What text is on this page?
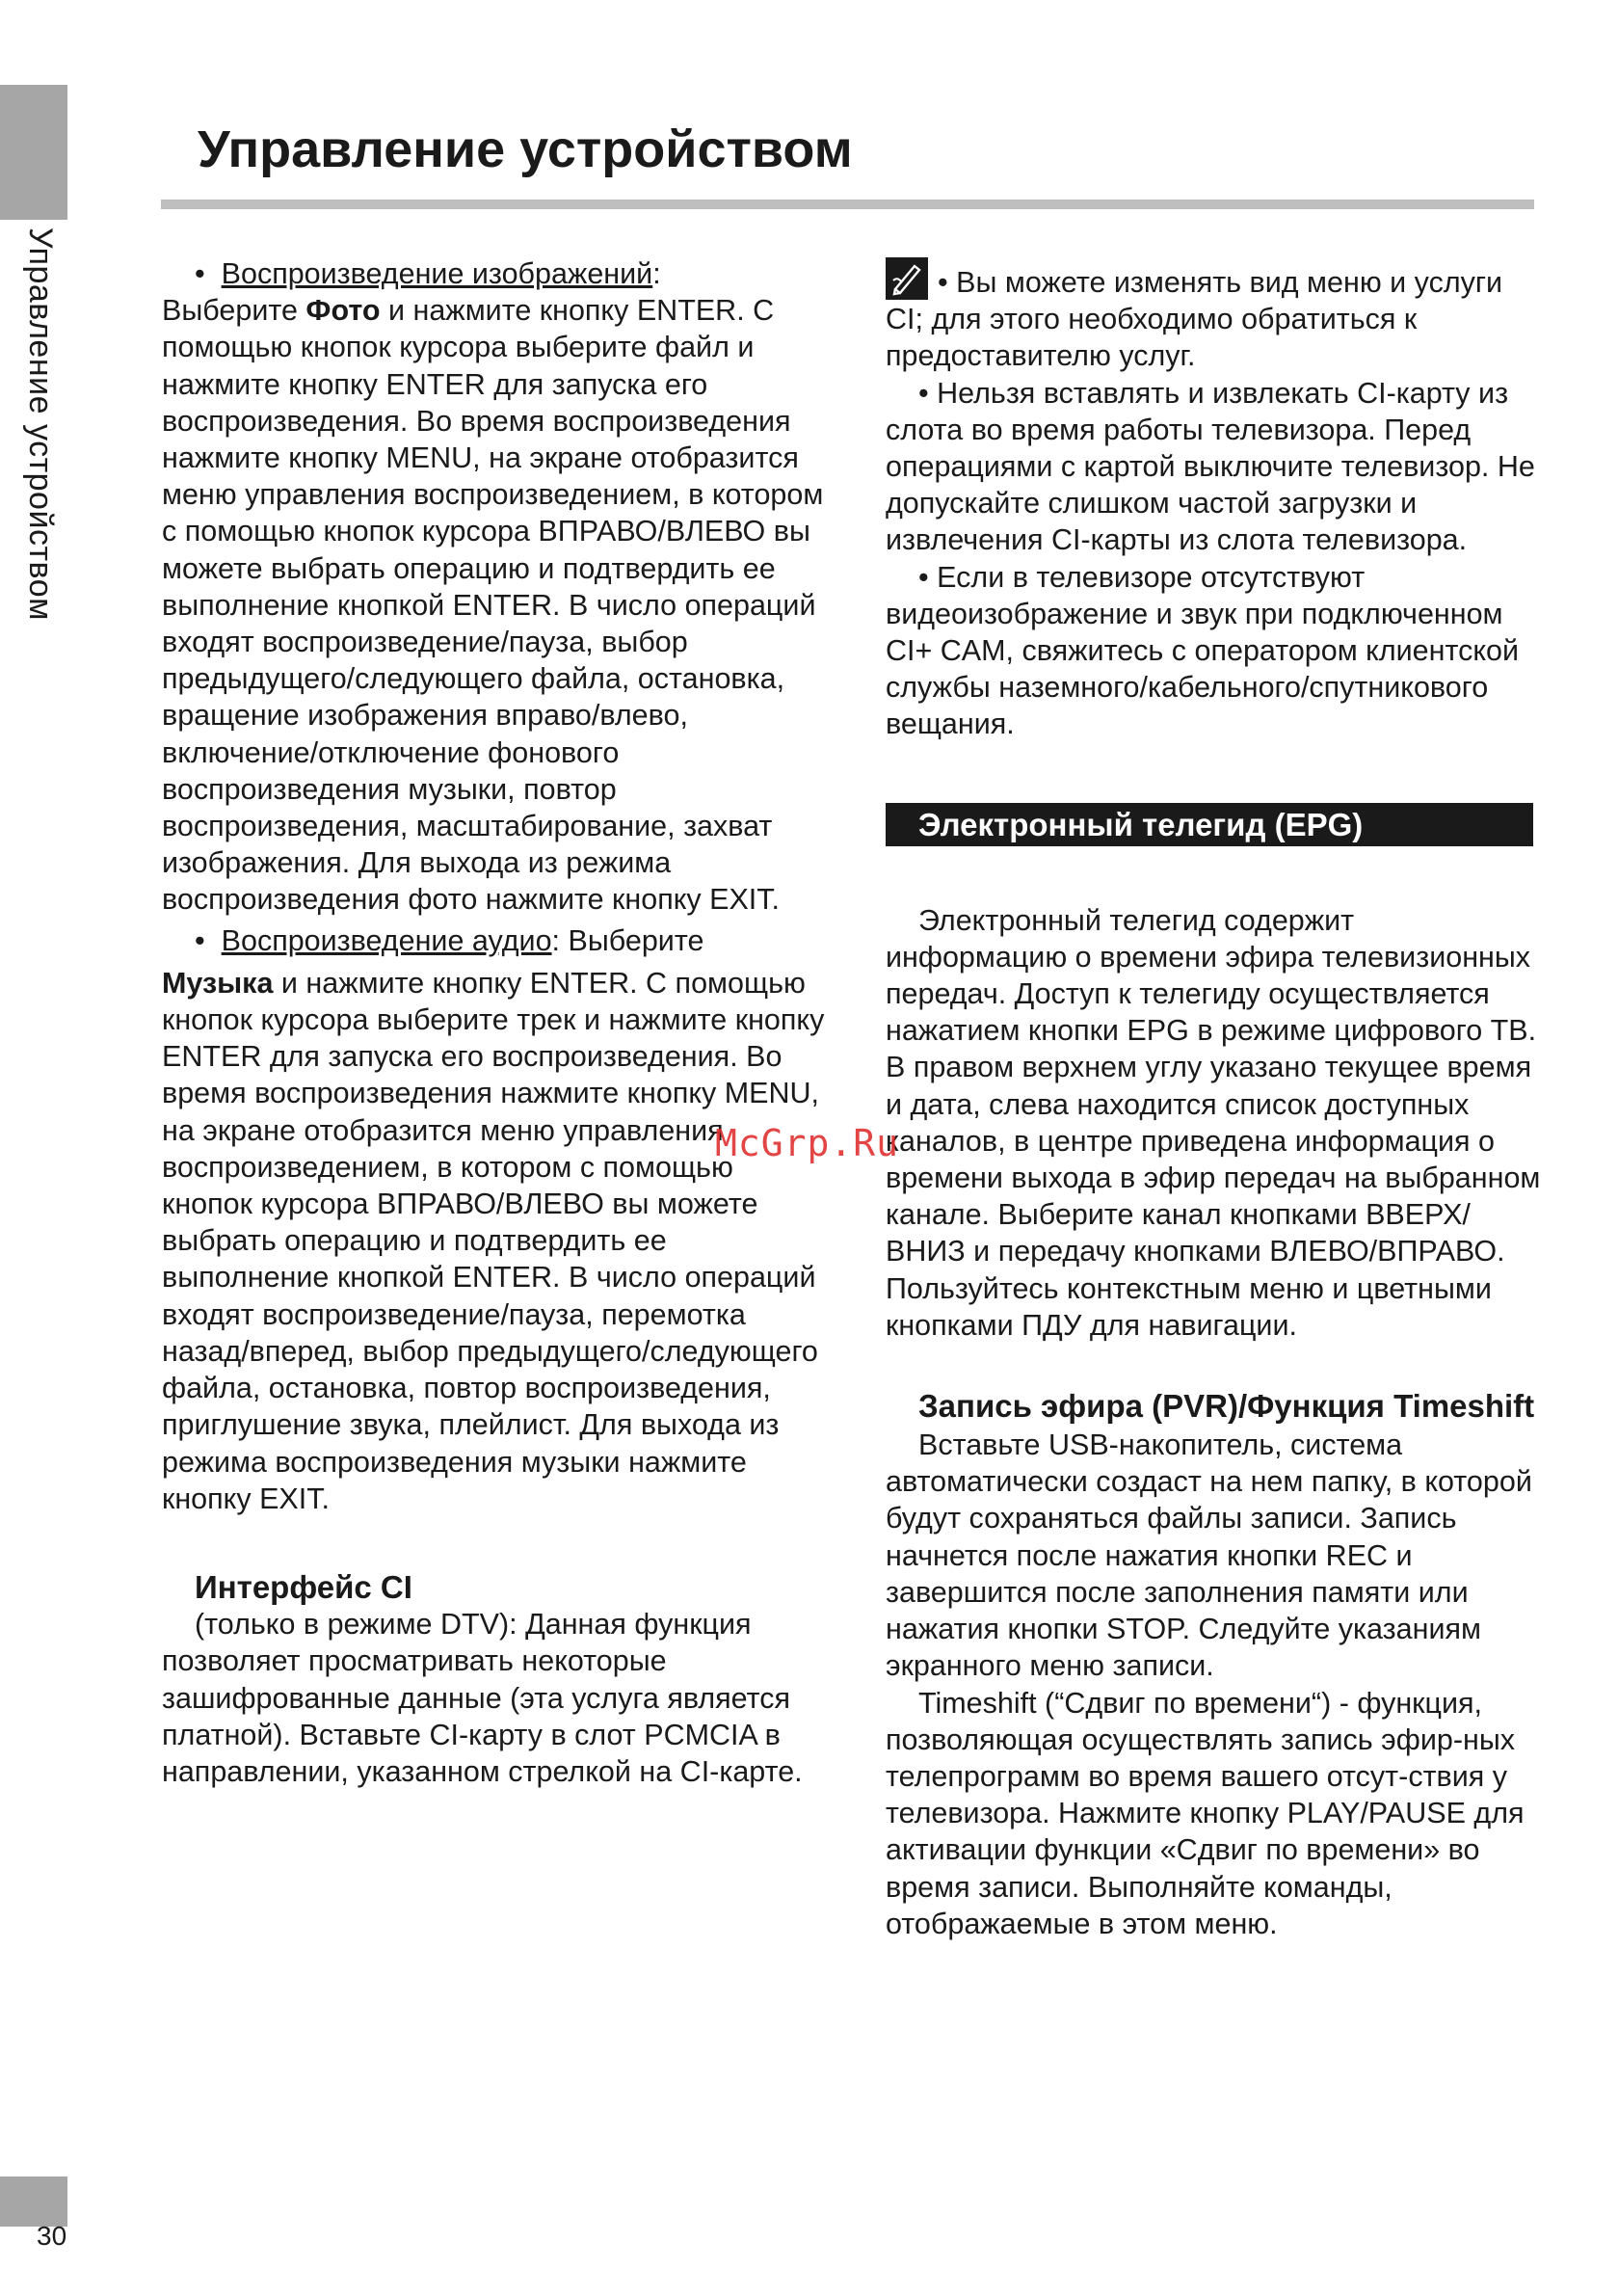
Управление устройством
Управление устройством

• Воспроизведение изображений:

Выберите Фото и нажмите кнопку ENTER. С помощью кнопок курсора выберите файл и нажмите кнопку ENTER для запуска его воспроизведения. Во время воспроизведения нажмите кнопку MENU, на экране отобразится меню управления воспроизведением, в котором с помощью кнопок курсора ВПРАВО/ВЛЕВО вы можете выбрать операцию и подтвердить ее выполнение кнопкой ENTER. В число операций входят воспроизведение/пауза, выбор предыдущего/следующего файла, остановка, вращение изображения вправо/влево, включение/отключение фонового воспроизведения музыки, повтор воспроизведения, масштабирование, захват изображения. Для выхода из режима воспроизведения фото нажмите кнопку EXIT.

• Воспроизведение аудио: Выберите

Музыка и нажмите кнопку ENTER. С помощью кнопок курсора выберите трек и нажмите кнопку ENTER для запуска его воспроизведения. Во время воспроизведения нажмите кнопку MENU, на экране отобразится меню управления воспроизведением, в котором с помощью кнопок курсора ВПРАВО/ВЛЕВО вы можете выбрать операцию и подтвердить ее выполнение кнопкой ENTER. В число операций входят воспроизведение/пауза, перемотка назад/вперед, выбор предыдущего/следующего файла, остановка, повтор воспроизведения, приглушение звука, плейлист. Для выхода из режима воспроизведения музыки нажмите кнопку EXIT.

Интерфейс CI

(только в режиме DTV): Данная функция позволяет просматривать некоторые зашифрованные данные (эта услуга является платной). Вставьте CI-карту в слот PCMCIA в направлении, указанном стрелкой на CI-карте.

• Вы можете изменять вид меню и услуги CI; для этого необходимо обратиться к предоставителю услуг.

• Нельзя вставлять и извлекать CI-карту из слота во время работы телевизора. Перед операциями с картой выключите телевизор. Не допускайте слишком частой загрузки и извлечения CI-карты из слота телевизора.

• Если в телевизоре отсутствуют видеоизображение и звук при подключенном CI+ CAM, свяжитесь с оператором клиентской службы наземного/кабельного/спутникового вещания.

Электронный телегид (EPG)

Электронный телегид содержит информацию о времени эфира телевизионных передач. Доступ к телегиду осуществляется нажатием кнопки EPG в режиме цифрового ТВ. В правом верхнем углу указано текущее время и дата, слева находится список доступных каналов, в центре приведена информация о времени выхода в эфир передач на выбранном канале. Выберите канал кнопками ВВЕРХ/ВНИЗ и передачу кнопками ВЛЕВО/ВПРАВО. Пользуйтесь контекстным меню и цветными кнопками ПДУ для навигации.

Запись эфира (PVR)/Функция Timeshift

Вставьте USB-накопитель, система автоматически создаст на нем папку, в которой будут сохраняться файлы записи. Запись начнется после нажатия кнопки REC и завершится после заполнения памяти или нажатия кнопки STOP. Следуйте указаниям экранного меню записи.

Timeshift (“Сдвиг по времени“) - функция, позволяющая осуществлять запись эфир-ных телепрограмм во время вашего отсут-ствия у телевизора. Нажмите кнопку PLAY/PAUSE для активации функции «Сдвиг по времени» во время записи. Выполняйте команды, отображаемые в этом меню.

McGrp.Ru
30
